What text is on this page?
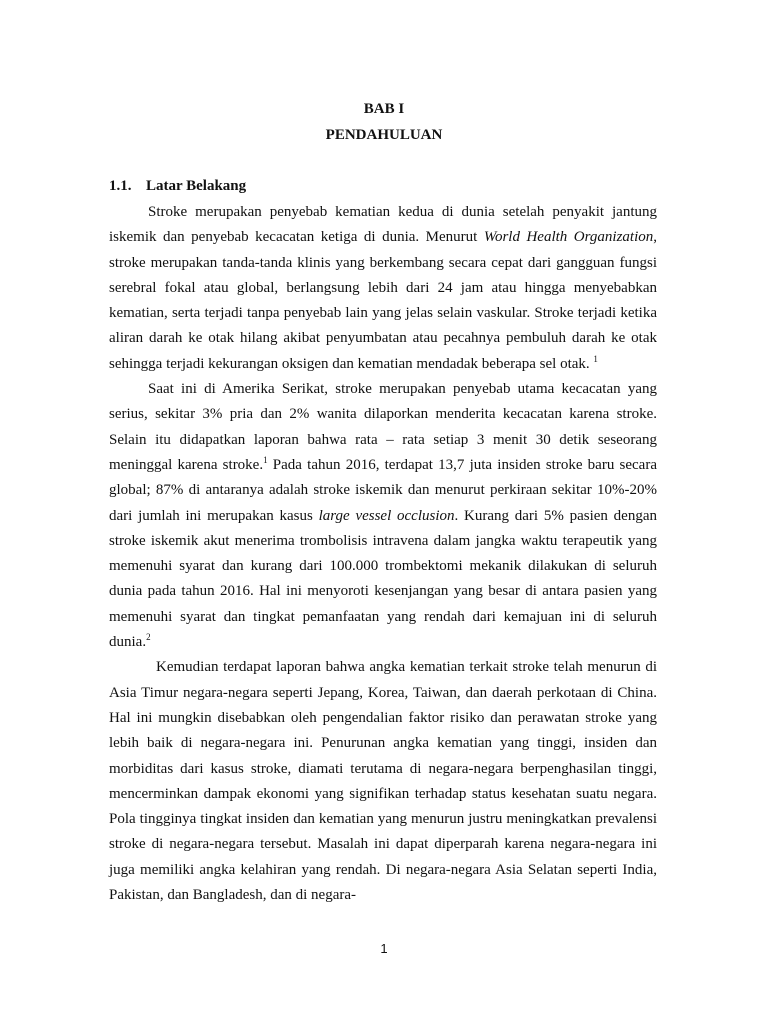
BAB I
PENDAHULUAN
1.1. Latar Belakang

Stroke merupakan penyebab kematian kedua di dunia setelah penyakit jantung iskemik dan penyebab kecacatan ketiga di dunia. Menurut World Health Organization, stroke merupakan tanda-tanda klinis yang berkembang secara cepat dari gangguan fungsi serebral fokal atau global, berlangsung lebih dari 24 jam atau hingga menyebabkan kematian, serta terjadi tanpa penyebab lain yang jelas selain vaskular. Stroke terjadi ketika aliran darah ke otak hilang akibat penyumbatan atau pecahnya pembuluh darah ke otak sehingga terjadi kekurangan oksigen dan kematian mendadak beberapa sel otak. $^1$

Saat ini di Amerika Serikat, stroke merupakan penyebab utama kecacatan yang serius, sekitar 3% pria dan 2% wanita dilaporkan menderita kecacatan karena stroke. Selain itu didapatkan laporan bahwa rata – rata setiap 3 menit 30 detik seseorang meninggal karena stroke.$^1$ Pada tahun 2016, terdapat 13,7 juta insiden stroke baru secara global; 87% di antaranya adalah stroke iskemik dan menurut perkiraan sekitar 10%-20% dari jumlah ini merupakan kasus large vessel occlusion. Kurang dari 5% pasien dengan stroke iskemik akut menerima trombolisis intravena dalam jangka waktu terapeutik yang memenuhi syarat dan kurang dari 100.000 trombektomi mekanik dilakukan di seluruh dunia pada tahun 2016. Hal ini menyoroti kesenjangan yang besar di antara pasien yang memenuhi syarat dan tingkat pemanfaatan yang rendah dari kemajuan ini di seluruh dunia.$^2$

Kemudian terdapat laporan bahwa angka kematian terkait stroke telah menurun di Asia Timur negara-negara seperti Jepang, Korea, Taiwan, dan daerah perkotaan di China. Hal ini mungkin disebabkan oleh pengendalian faktor risiko dan perawatan stroke yang lebih baik di negara-negara ini. Penurunan angka kematian yang tinggi, insiden dan morbiditas dari kasus stroke, diamati terutama di negara-negara berpenghasilan tinggi, mencerminkan dampak ekonomi yang signifikan terhadap status kesehatan suatu negara. Pola tingginya tingkat insiden dan kematian yang menurun justru meningkatkan prevalensi stroke di negara-negara tersebut. Masalah ini dapat diperparah karena negara-negara ini juga memiliki angka kelahiran yang rendah. Di negara-negara Asia Selatan seperti India, Pakistan, dan Bangladesh, dan di negara-

1
